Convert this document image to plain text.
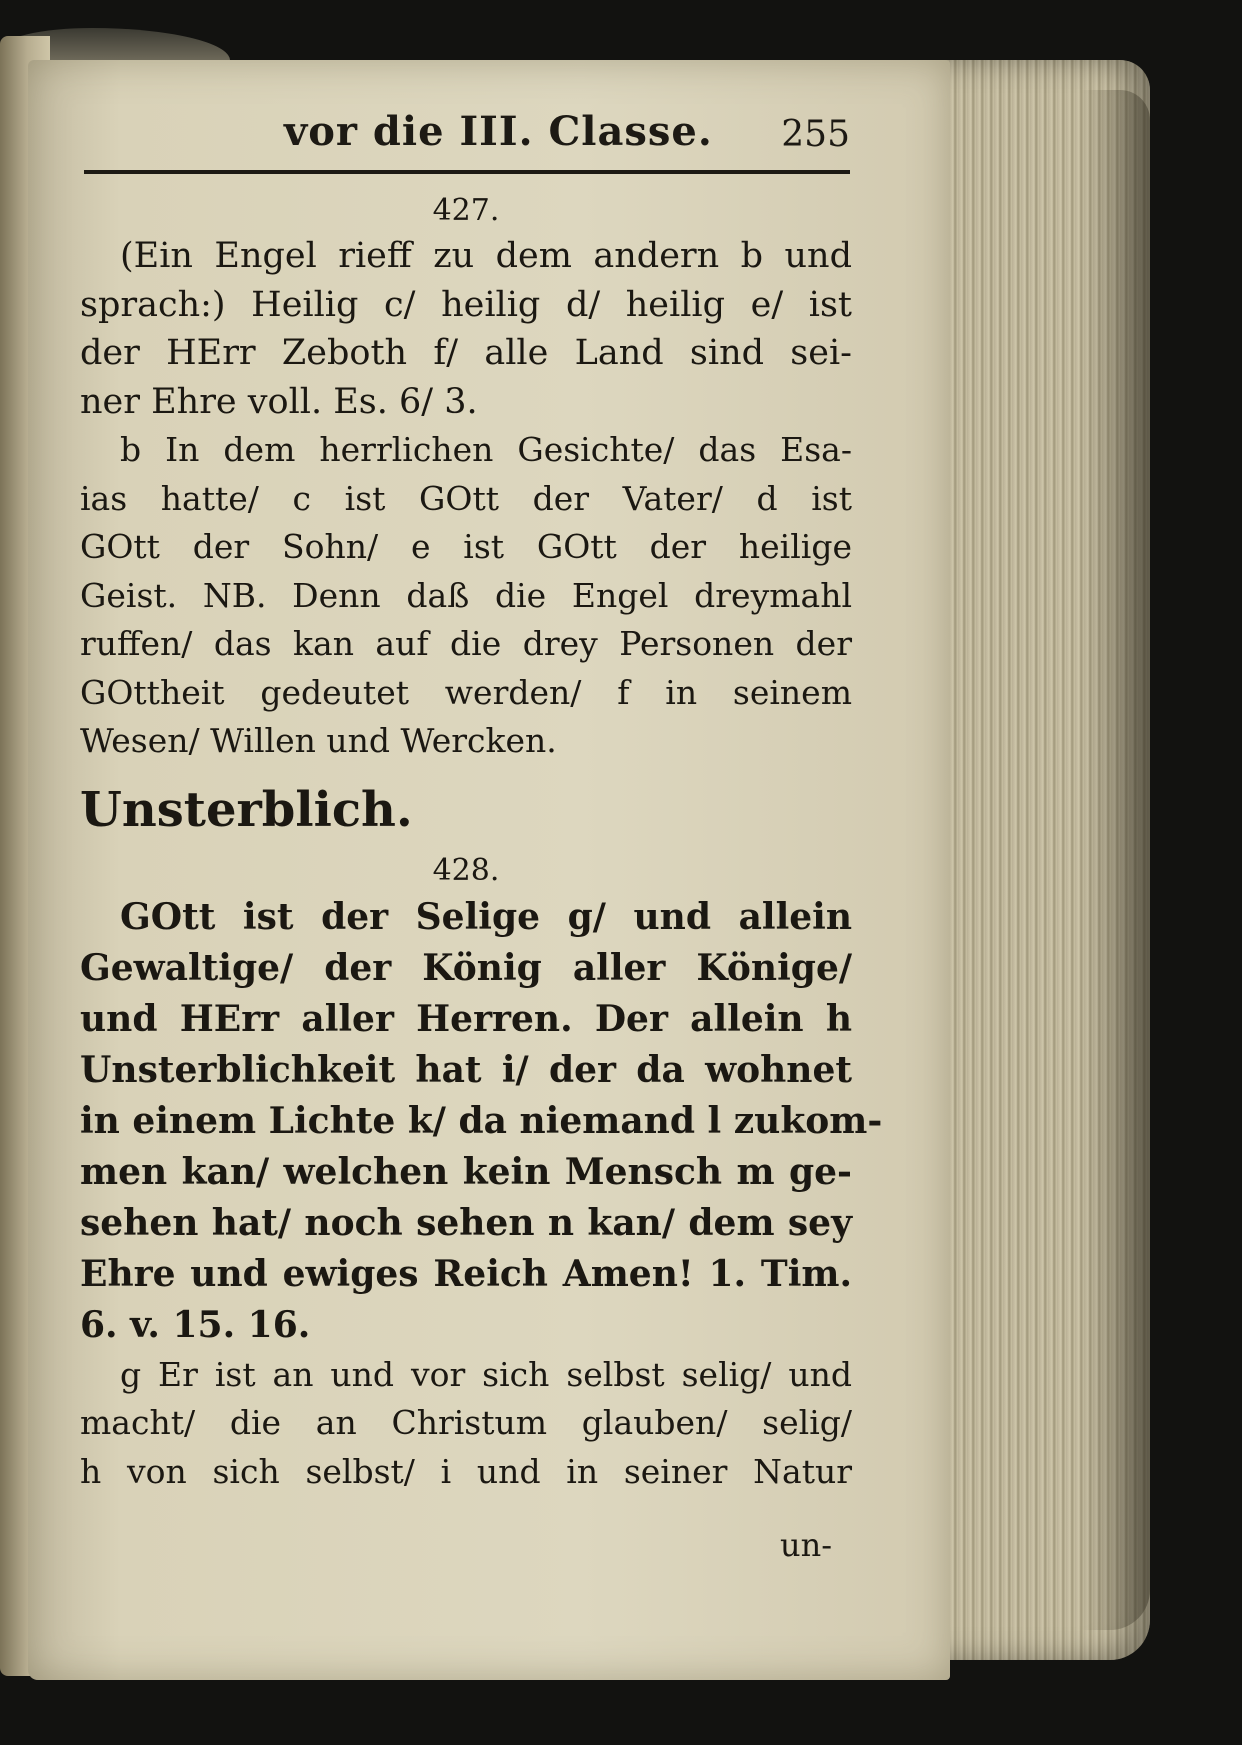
vor die III. Classe. 255
427.
(Ein Engel rieff zu dem andern b und
sprach:) Heilig c/ heilig d/ heilig e/ ist
der HErr Zeboth f/ alle Land sind sei-
ner Ehre voll. Es. 6/ 3.
b In dem herrlichen Gesichte/ das Esa-
ias hatte/ c ist GOtt der Vater/ d ist
GOtt der Sohn/ e ist GOtt der heilige
Geist. NB. Denn daß die Engel dreymahl
ruffen/ das kan auf die drey Personen der
GOttheit gedeutet werden/ f in seinem
Wesen/ Willen und Wercken.
Unsterblich.
428.
GOtt ist der Selige g/ und allein
Gewaltige/ der König aller Könige/
und HErr aller Herren. Der allein h
Unsterblichkeit hat i/ der da wohnet
in einem Lichte k/ da niemand l zukom-
men kan/ welchen kein Mensch m ge-
sehen hat/ noch sehen n kan/ dem sey
Ehre und ewiges Reich Amen! 1. Tim.
6. v. 15. 16.
g Er ist an und vor sich selbst selig/ und
macht/ die an Christum glauben/ selig/
h von sich selbst/ i und in seiner Natur
un-
